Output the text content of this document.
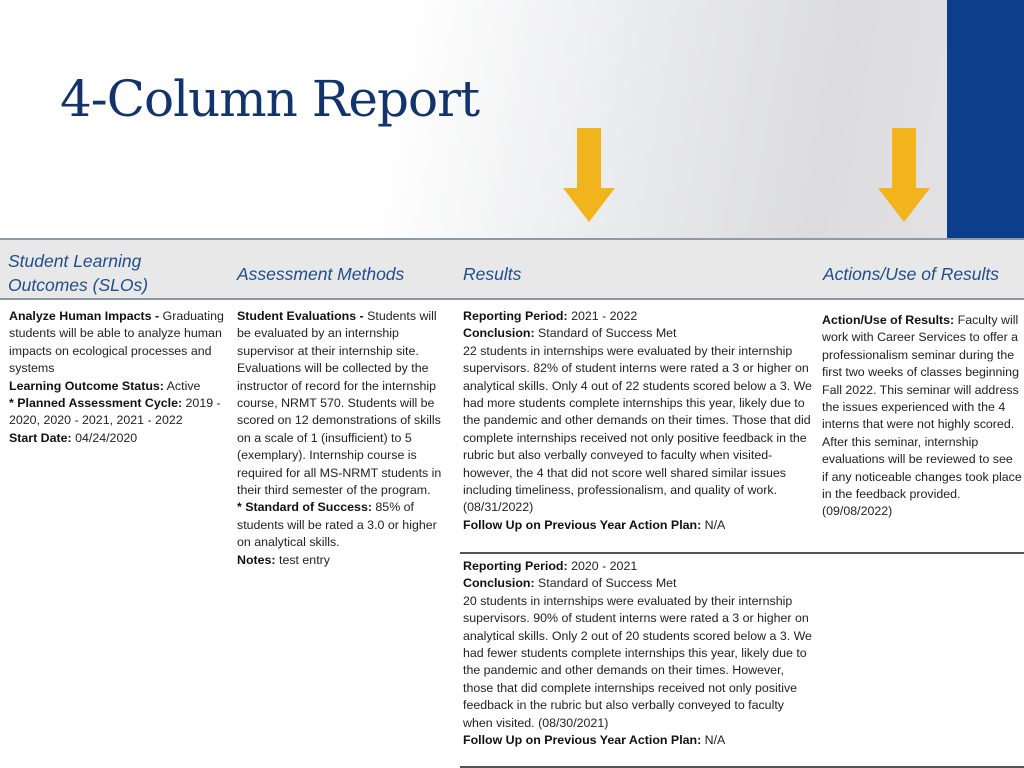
4-Column Report
Student Learning Outcomes (SLOs)
Assessment Methods	Results	Actions/Use of Results

Analyze Human Impacts - Graduating students will be able to analyze human impacts on ecological processes and systems

Learning Outcome Status: Active

* Planned Assessment Cycle: 2019 - 2020, 2020 - 2021, 2021 - 2022

Start Date: 04/24/2020

Student Evaluations - Students will be evaluated by an internship supervisor at their internship site. Evaluations will be collected by the instructor of record for the internship course, NRMT 570. Students will be scored on 12 demonstrations of skills on a scale of 1 (insufficient) to 5 (exemplary). Internship course is required for all MS-NRMT students in their third semester of the program.

* Standard of Success: 85% of students will be rated a 3.0 or higher on analytical skills.

Notes: test entry

Reporting Period: 2021 - 2022

Conclusion: Standard of Success Met

22 students in internships were evaluated by their internship supervisors. 82% of student interns were rated a 3 or higher on analytical skills. Only 4 out of 22 students scored below a 3. We had more students complete internships this year, likely due to the pandemic and other demands on their times. Those that did complete internships received not only positive feedback in the rubric but also verbally conveyed to faculty when visited- however, the 4 that did not score well shared similar issues including timeliness, professionalism, and quality of work. (08/31/2022)

Follow Up on Previous Year Action Plan: N/A

Reporting Period: 2020 - 2021

Conclusion: Standard of Success Met

20 students in internships were evaluated by their internship supervisors. 90% of student interns were rated a 3 or higher on analytical skills. Only 2 out of 20 students scored below a 3. We had fewer students complete internships this year, likely due to the pandemic and other demands on their times. However, those that did complete internships received not only positive feedback in the rubric but also verbally conveyed to faculty when visited. (08/30/2021)

Follow Up on Previous Year Action Plan: N/A

Action/Use of Results: Faculty will work with Career Services to offer a professionalism seminar during the first two weeks of classes beginning Fall 2022. This seminar will address the issues experienced with the 4 interns that were not highly scored. After this seminar, internship evaluations will be reviewed to see if any noticeable changes took place in the feedback provided. (09/08/2022)
